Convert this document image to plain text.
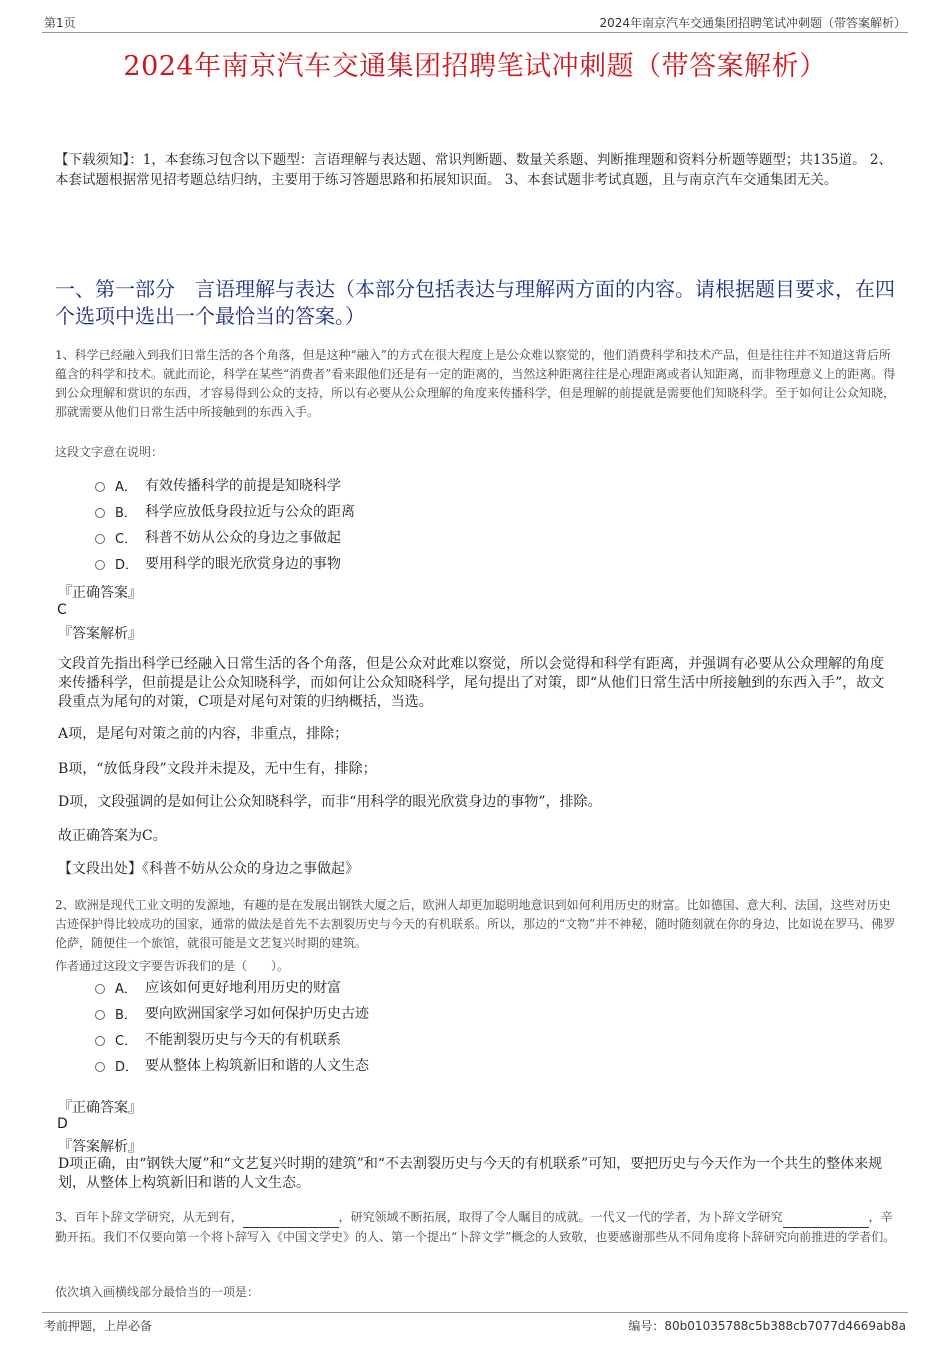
第1页	2024年南京汽车交通集团招聘笔试冲刺题（带答案解析）
2024年南京汽车交通集团招聘笔试冲刺题（带答案解析）
【下载须知】：1，本套练习包含以下题型：言语理解与表达题、常识判断题、数量关系题、判断推理题和资料分析题等题型；共135道。 2、本套试题根据常见招考题总结归纳，主要用于练习答题思路和拓展知识面。 3、本套试题非考试真题，且与南京汽车交通集团无关。
一、第一部分　言语理解与表达（本部分包括表达与理解两方面的内容。请根据题目要求，在四个选项中选出一个最恰当的答案。）
1、科学已经融入到我们日常生活的各个角落，但是这种“融入”的方式在很大程度上是公众难以察觉的，他们消费科学和技术产品，但是往往并不知道这背后所蕴含的科学和技术。就此而论，科学在某些“消费者”看来跟他们还是有一定的距离的，当然这种距离往往是心理距离或者认知距离，而非物理意义上的距离。得到公众理解和赏识的东西，才容易得到公众的支持，所以有必要从公众理解的角度来传播科学，但是理解的前提就是需要他们知晓科学。至于如何让公众知晓，那就需要从他们日常生活中所接触到的东西入手。
这段文字意在说明：
A． 有效传播科学的前提是知晓科学
B． 科学应放低身段拉近与公众的距离
C． 科普不妨从公众的身边之事做起
D． 要用科学的眼光欣赏身边的事物
『正确答案』
C
『答案解析』
文段首先指出科学已经融入日常生活的各个角落，但是公众对此难以察觉，所以会觉得和科学有距离，并强调有必要从公众理解的角度来传播科学，但前提是让公众知晓科学，而如何让公众知晓科学，尾句提出了对策，即“从他们日常生活中所接触到的东西入手”，故文段重点为尾句的对策，C项是对尾句对策的归纳概括，当选。
A项，是尾句对策之前的内容，非重点，排除；
B项，“放低身段”文段并未提及，无中生有，排除；
D项，文段强调的是如何让公众知晓科学，而非“用科学的眼光欣赏身边的事物”，排除。
故正确答案为C。
【文段出处】《科普不妨从公众的身边之事做起》
2、欧洲是现代工业文明的发源地，有趣的是在发展出钢铁大厦之后，欧洲人却更加聪明地意识到如何利用历史的财富。比如德国、意大利、法国，这些对历史古迹保护得比较成功的国家，通常的做法是首先不去割裂历史与今天的有机联系。所以，那边的“文物”并不神秘，随时随刻就在你的身边，比如说在罗马、佛罗伦萨，随便住一个旅馆，就很可能是文艺复兴时期的建筑。
作者通过这段文字要告诉我们的是（　　）。
A． 应该如何更好地利用历史的财富
B． 要向欧洲国家学习如何保护历史古迹
C． 不能割裂历史与今天的有机联系
D． 要从整体上构筑新旧和谐的人文生态
『正确答案』
D
『答案解析』
D项正确，由“钢铁大厦”和“文艺复兴时期的建筑”和“不去割裂历史与今天的有机联系”可知，要把历史与今天作为一个共生的整体来规划，从整体上构筑新旧和谐的人文生态。
3、百年卜辞文学研究，从无到有，	，研究领域不断拓展，取得了令人瞩目的成就。一代又一代的学者，为卜辞文学研究	，辛勤开拓。我们不仅要向第一个将卜辞写入《中国文学史》的人、第一个提出“卜辞文学”概念的人致敬，也要感谢那些从不同角度将卜辞研究向前推进的学者们。
依次填入画横线部分最恰当的一项是：
考前押题，上岸必备	编号：80b01035788c5b388cb7077d4669ab8a
